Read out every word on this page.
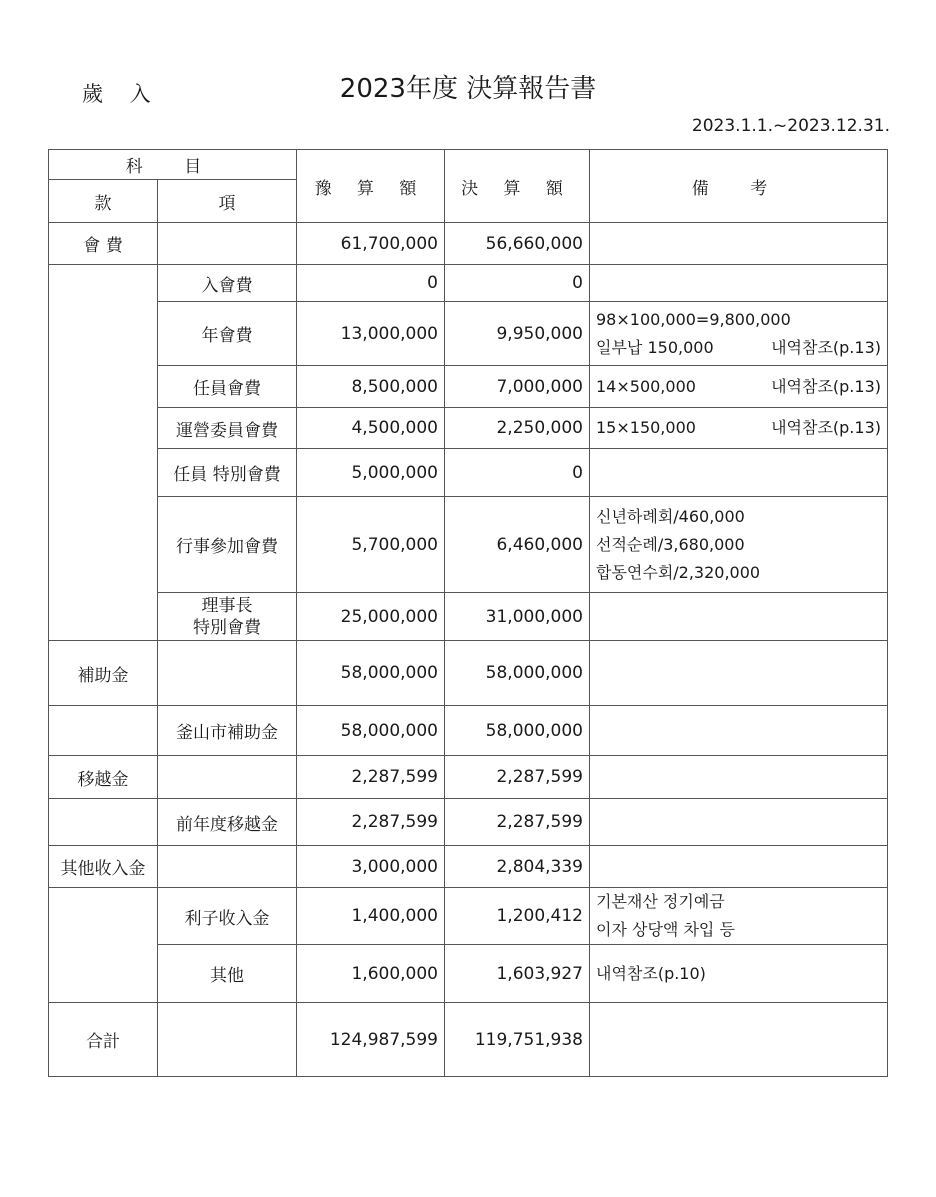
歲 入	2023年度 決算報告書
2023.1.1.~2023.12.31.
科 目		豫 算 額	決 算 額	備 考
款	項			
會 費		61,700,000	56,660,000	
	入會費	0	0	
	年會費	13,000,000	9,950,000	98×100,000=9,800,000
일부납 150,000 내역참조(p.13)

	任員會費	8,500,000	7,000,000	14×500,000 내역참조(p.13)

	運營委員會費	4,500,000	2,250,000	15×150,000 내역참조(p.13)

	任員 特別會費	5,000,000	0	
	行事參加會費	5,700,000	6,460,000	신년하례회/460,000
선적순례/3,680,000
합동연수회/2,320,000

	理事長
特別會費	25,000,000	31,000,000	
補助金		58,000,000	58,000,000	
	釜山市補助金	58,000,000	58,000,000	
移越金		2,287,599	2,287,599	
	前年度移越金	2,287,599	2,287,599	
其他收入金		3,000,000	2,804,339	
	利子收入金	1,400,000	1,200,412	기본재산 정기예금
이자 상당액 차입 등

	其他	1,600,000	1,603,927	내역참조(p.10)
合計		124,987,599	119,751,938	
